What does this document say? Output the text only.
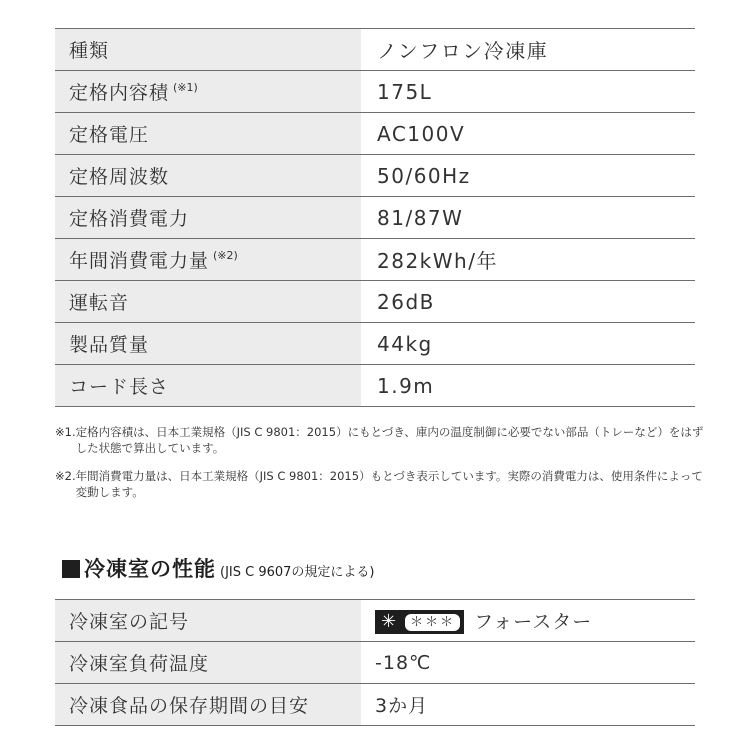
種類	ノンフロン冷凍庫
定格内容積 $^{(※1)}$	175L
定格電圧	AC100V
定格周波数	50/60Hz
定格消費電力	81/87W
年間消費電力量 $^{(※2)}$	282kWh/年
運転音	26dB
製品質量	44kg
コード長さ	1.9m
※1. 定格内容積は、日本工業規格（JIS C 9801：2015）にもとづき、庫内の温度制御に必要でない部品（トレーなど）をはずした状態で算出しています。
※2. 年間消費電力量は、日本工業規格（JIS C 9801：2015）もとづき表示しています。実際の消費電力は、使用条件によって変動します。
冷凍室の性能 (JIS C 9607の規定による)
冷凍室の記号	✳ ＊＊＊ フォースター
冷凍室負荷温度	-18℃
冷凍食品の保存期間の目安	3か月
